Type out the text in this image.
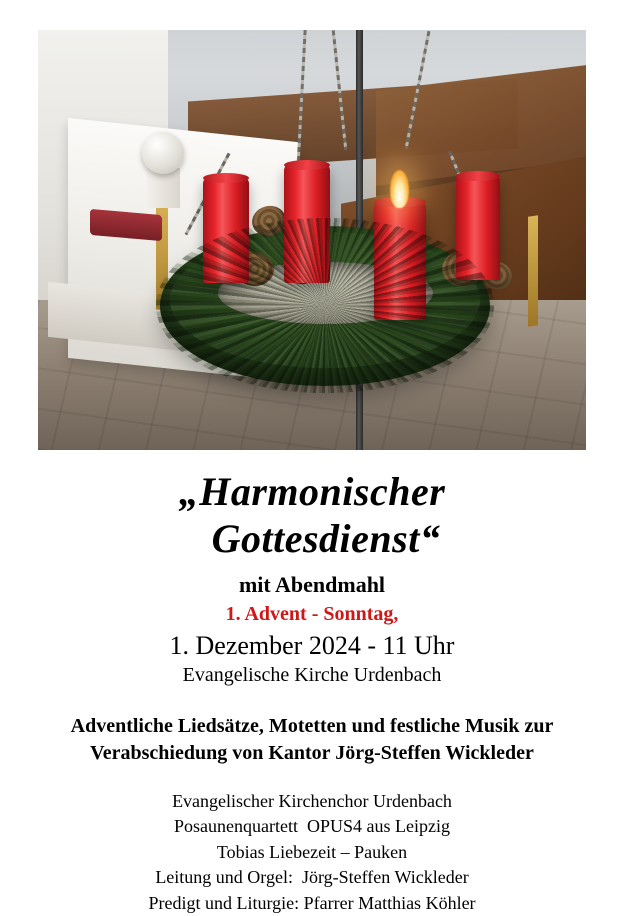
„Harmonischer
Gottesdienst“
mit Abendmahl
1. Advent - Sonntag,
1. Dezember 2024 - 11 Uhr
Evangelische Kirche Urdenbach
Adventliche Liedsätze, Motetten und festliche Musik zur
Verabschiedung von Kantor Jörg-Steffen Wickleder
Evangelischer Kirchenchor Urdenbach
Posaunenquartett  OPUS4 aus Leipzig
Tobias Liebezeit – Pauken
Leitung und Orgel:  Jörg-Steffen Wickleder
Predigt und Liturgie: Pfarrer Matthias Köhler
